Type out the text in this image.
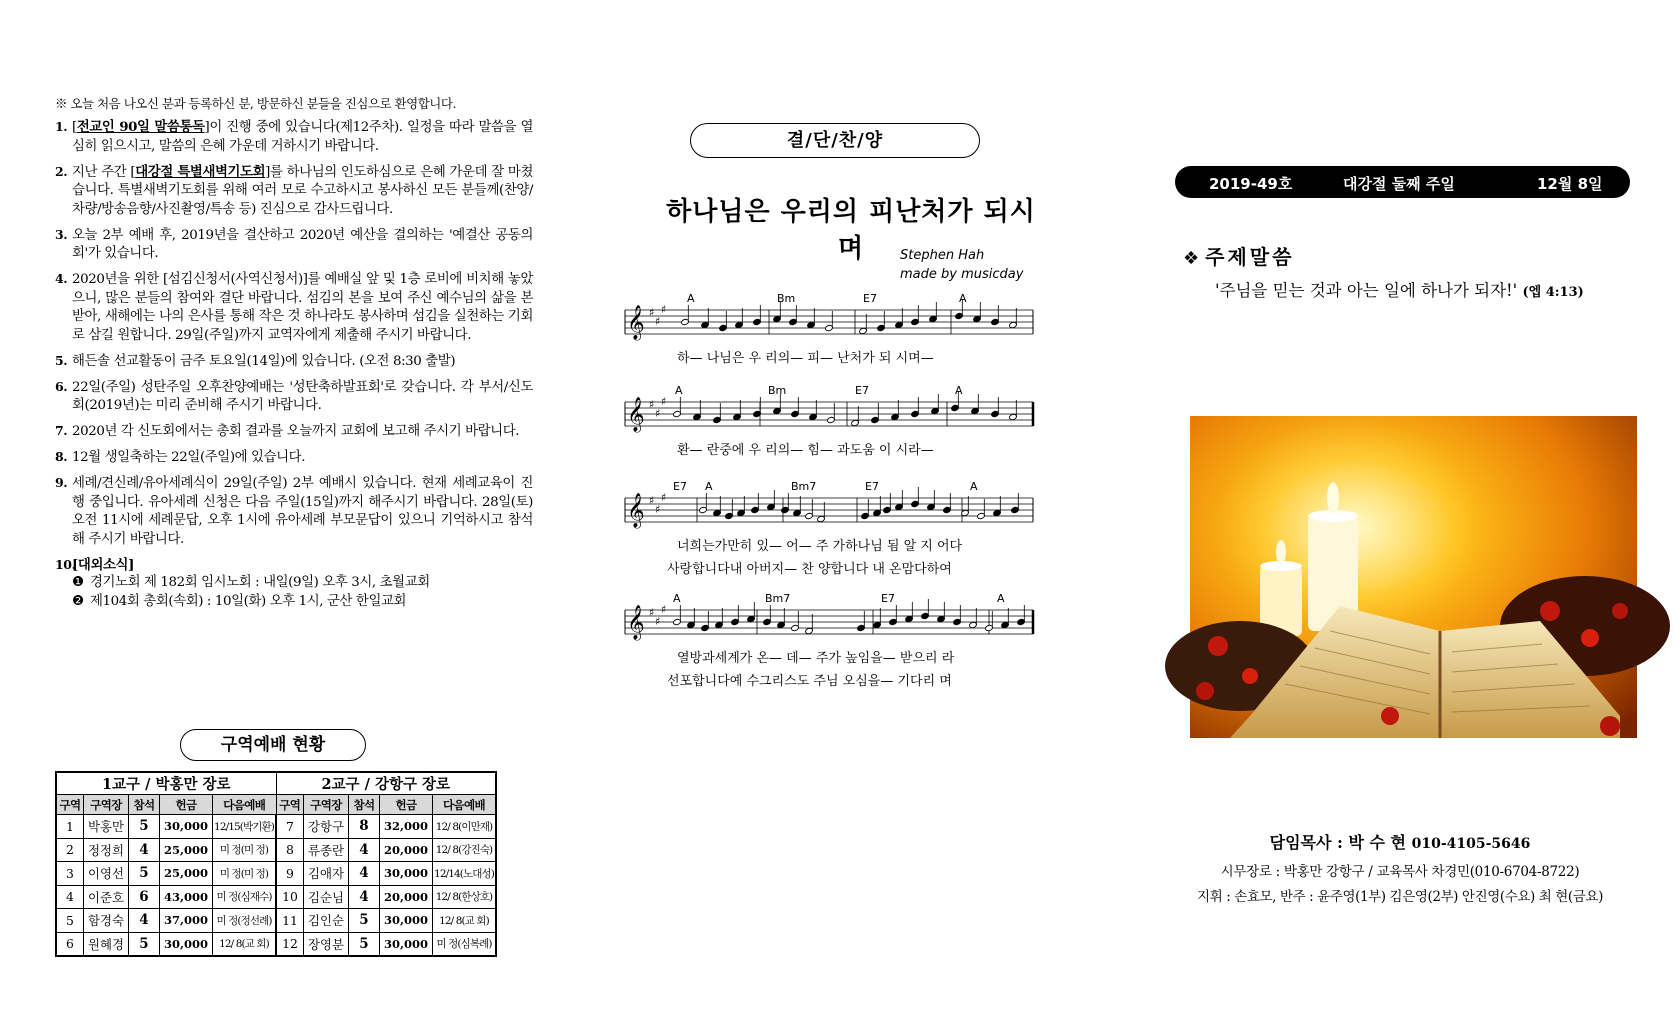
※ 오늘 처음 나오신 분과 등록하신 분, 방문하신 분들을 진심으로 환영합니다.
1. [전교인 90일 말씀통독]이 진행 중에 있습니다(제12주차). 일정을 따라 말씀을 열심히 읽으시고, 말씀의 은혜 가운데 거하시기 바랍니다.
2. 지난 주간 [대강절 특별새벽기도회]를 하나님의 인도하심으로 은혜 가운데 잘 마쳤습니다. 특별새벽기도회를 위해 여러 모로 수고하시고 봉사하신 모든 분들께(찬양/차량/방송음향/사진촬영/특송 등) 진심으로 감사드립니다.
3. 오늘 2부 예배 후, 2019년을 결산하고 2020년 예산을 결의하는 '예결산 공동의회'가 있습니다.
4. 2020년을 위한 [섬김신청서(사역신청서)]를 예배실 앞 및 1층 로비에 비치해 놓았으니, 많은 분들의 참여와 결단 바랍니다. 섬김의 본을 보여 주신 예수님의 삶을 본받아, 새해에는 나의 은사를 통해 작은 것 하나라도 봉사하며 섬김을 실천하는 기회로 삼길 원합니다. 29일(주일)까지 교역자에게 제출해 주시기 바랍니다.
5. 해든솔 선교활동이 금주 토요일(14일)에 있습니다. (오전 8:30 출발)
6. 22일(주일) 성탄주일 오후찬양예배는 '성탄축하발표회'로 갖습니다. 각 부서/신도회(2019년)는 미리 준비해 주시기 바랍니다.
7. 2020년 각 신도회에서는 총회 결과를 오늘까지 교회에 보고해 주시기 바랍니다.
8. 12월 생일축하는 22일(주일)에 있습니다.
9. 세례/견신례/유아세례식이 29일(주일) 2부 예배시 있습니다. 현재 세례교육이 진행 중입니다. 유아세례 신청은 다음 주일(15일)까지 해주시기 바랍니다. 28일(토) 오전 11시에 세례문답, 오후 1시에 유아세례 부모문답이 있으니 기억하시고 참석해 주시기 바랍니다.
10.
[대외소식]
❶ 경기노회 제 182회 임시노회 : 내일(9일) 오후 3시, 초월교회
❷ 제104회 총회(속회) : 10일(화) 오후 1시, 군산 한일교회
구역예배 현황
1교구 / 박홍만 장로					2교구 / 강항구 장로				
구역	구역장	참석	헌금	다음예배	구역	구역장	참석	헌금	다음예배
1	박홍만	5	30,000	12/15(박기환)	7	강항구	8	32,000	12/ 8(이만재)
2	정정희	4	25,000	미 정(미 정)	8	류종란	4	20,000	12/ 8(강진숙)
3	이영선	5	25,000	미 정(미 정)	9	김애자	4	30,000	12/14(노대성)
4	이준호	6	43,000	미 정(심재수)	10	김순님	4	20,000	12/ 8(한상호)
5	함경숙	4	37,000	미 정(정선례)	11	김인순	5	30,000	12/ 8(교 회)
6	원혜경	5	30,000	12/ 8(교 회)	12	장영분	5	30,000	미 정(심복례)
결/단/찬/양
하나님은 우리의 피난처가 되시며	Stephen Hah
made by musicday
𝄞 ♯
♯
♯
A	Bm	E7	A
하— 나님은 우 리의— 피— 난처가 되 시며—
𝄞 ♯
♯
♯
A	Bm	E7	A
환— 란중에 우 리의— 힘— 과도움 이 시라—
𝄞 ♯
♯
♯
E7 A	Bm7	E7	A
너희는가만히 있— 어— 주 가하나님 됨 알 지 어다
사랑합니다내 아버지— 찬 양합니다 내 온맘다하여
𝄞 ♯
♯
♯
A	Bm7	E7	A
열방과세계가 온— 데— 주가 높임을— 받으리 라
선포합니다예 수그리스도 주님 오심을— 기다리 며
2019-49호	대강절 둘째 주일	12월 8일
❖ 주제말씀
'주님을 믿는 것과 아는 일에 하나가 되자!' (엡 4:13)
담임목사 : 박 수 현 010-4105-5646
시무장로 : 박홍만 강항구 / 교육목사 차경민(010-6704-8722)
지휘 : 손효모, 반주 : 윤주영(1부) 김은영(2부) 안진영(수요) 최 현(금요)
